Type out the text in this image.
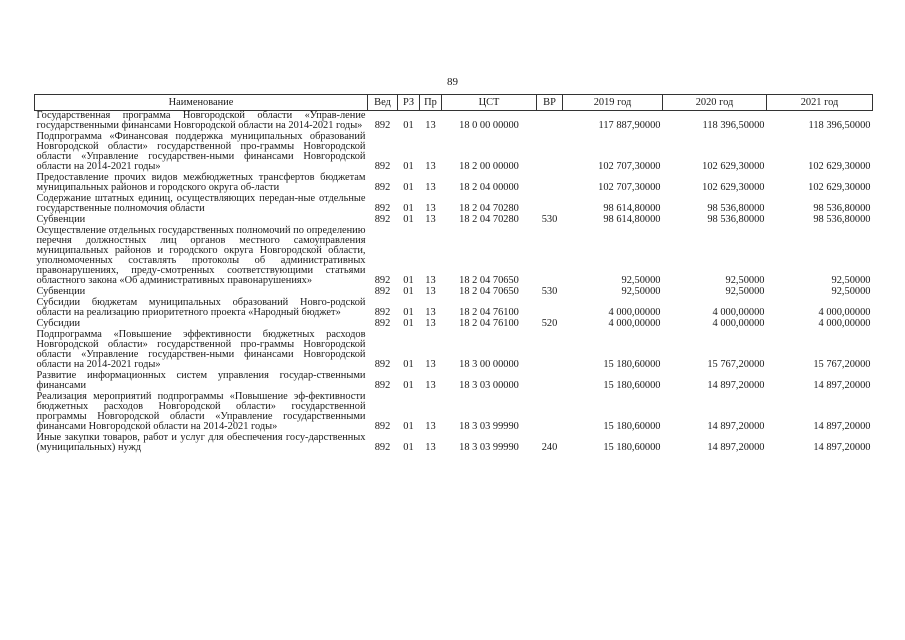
89
Наименование	Вед	РЗ	Пр	ЦСТ	ВР	2019 год	2020 год	2021 год
Государственная программа Новгородской области «Управ-ление государственными финансами Новгородской области на 2014-2021 годы»	892	01	13	18 0 00 00000		117 887,90000	118 396,50000	118 396,50000
Подпрограмма «Финансовая поддержка муниципальных образований Новгородской области» государственной про-граммы Новгородской области «Управление государствен-ными финансами Новгородской области на 2014-2021 годы»	892	01	13	18 2 00 00000		102 707,30000	102 629,30000	102 629,30000
Предоставление прочих видов межбюджетных трансфертов бюджетам муниципальных районов и городского округа об-ласти	892	01	13	18 2 04 00000		102 707,30000	102 629,30000	102 629,30000
Содержание штатных единиц, осуществляющих передан-ные отдельные государственные полномочия области	892	01	13	18 2 04 70280		98 614,80000	98 536,80000	98 536,80000
Субвенции	892	01	13	18 2 04 70280	530	98 614,80000	98 536,80000	98 536,80000
Осуществление отдельных государственных полномочий по определению перечня должностных лиц органов местного самоуправления муниципальных районов и городского округа Новгородской области, уполномоченных составлять протоколы об административных правонарушениях, преду-смотренных соответствующими статьями областного закона «Об административных правонарушениях»	892	01	13	18 2 04 70650		92,50000	92,50000	92,50000
Субвенции	892	01	13	18 2 04 70650	530	92,50000	92,50000	92,50000
Субсидии бюджетам муниципальных образований Новго-родской области на реализацию приоритетного проекта «Народный бюджет»	892	01	13	18 2 04 76100		4 000,00000	4 000,00000	4 000,00000
Субсидии	892	01	13	18 2 04 76100	520	4 000,00000	4 000,00000	4 000,00000
Подпрограмма «Повышение эффективности бюджетных расходов Новгородской области» государственной про-граммы Новгородской области «Управление государствен-ными финансами Новгородской области на 2014-2021 годы»	892	01	13	18 3 00 00000		15 180,60000	15 767,20000	15 767,20000
Развитие информационных систем управления государ-ственными финансами	892	01	13	18 3 03 00000		15 180,60000	14 897,20000	14 897,20000
Реализация мероприятий подпрограммы «Повышение эф-фективности бюджетных расходов Новгородской области» государственной программы Новгородской области «Управление государственными финансами Новгородской области на 2014-2021 годы»	892	01	13	18 3 03 99990		15 180,60000	14 897,20000	14 897,20000
Иные закупки товаров, работ и услуг для обеспечения госу-дарственных (муниципальных) нужд	892	01	13	18 3 03 99990	240	15 180,60000	14 897,20000	14 897,20000
